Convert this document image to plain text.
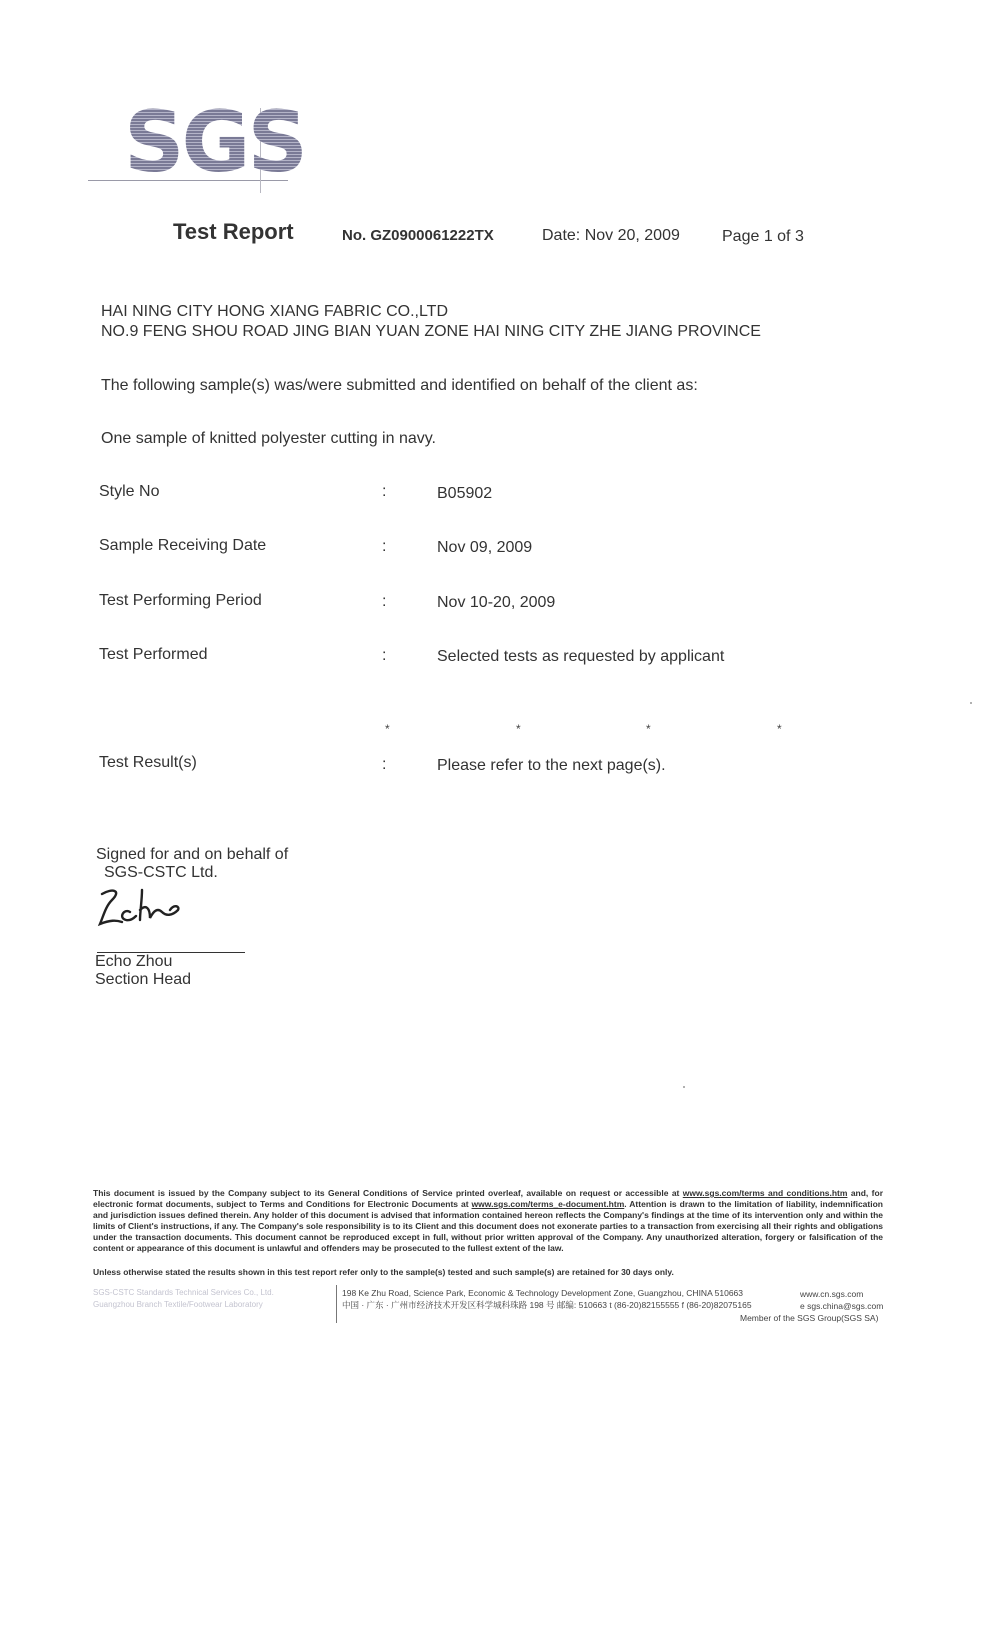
SGS
Test Report	No. GZ0900061222TX	Date: Nov 20, 2009	Page 1 of 3
HAI NING CITY HONG XIANG FABRIC CO.,LTD
NO.9 FENG SHOU ROAD JING BIAN YUAN ZONE HAI NING CITY ZHE JIANG PROVINCE
The following sample(s) was/were submitted and identified on behalf of the client as:
One sample of knitted polyester cutting in navy.
Style No	:	B05902
Sample Receiving Date	:	Nov 09, 2009
Test Performing Period	:	Nov 10-20, 2009
Test Performed	:	Selected tests as requested by applicant
*	*	*	*
Test Result(s)	:	Please refer to the next page(s).
Signed for and on behalf of
SGS-CSTC Ltd.
Echo Zhou
Section Head
This document is issued by the Company subject to its General Conditions of Service printed overleaf, available on request or accessible at www.sgs.com/terms and conditions.htm and, for electronic format documents, subject to Terms and Conditions for Electronic Documents at www.sgs.com/terms_e-document.htm. Attention is drawn to the limitation of liability, indemnification and jurisdiction issues defined therein. Any holder of this document is advised that information contained hereon reflects the Company's findings at the time of its intervention only and within the limits of Client's instructions, if any. The Company's sole responsibility is to its Client and this document does not exonerate parties to a transaction from exercising all their rights and obligations under the transaction documents. This document cannot be reproduced except in full, without prior written approval of the Company. Any unauthorized alteration, forgery or falsification of the content or appearance of this document is unlawful and offenders may be prosecuted to the fullest extent of the law.
Unless otherwise stated the results shown in this test report refer only to the sample(s) tested and such sample(s) are retained for 30 days only.
SGS-CSTC Standards Technical Services Co., Ltd.
Guangzhou Branch Textile/Footwear Laboratory
198 Ke Zhu Road, Science Park, Economic & Technology Development Zone, Guangzhou, CHINA 510663
中国 · 广东 · 广州市经济技术开发区科学城科珠路 198 号 邮编: 510663 t (86-20)82155555 f (86-20)82075165
www.cn.sgs.com
e sgs.china@sgs.com
Member of the SGS Group(SGS SA)
